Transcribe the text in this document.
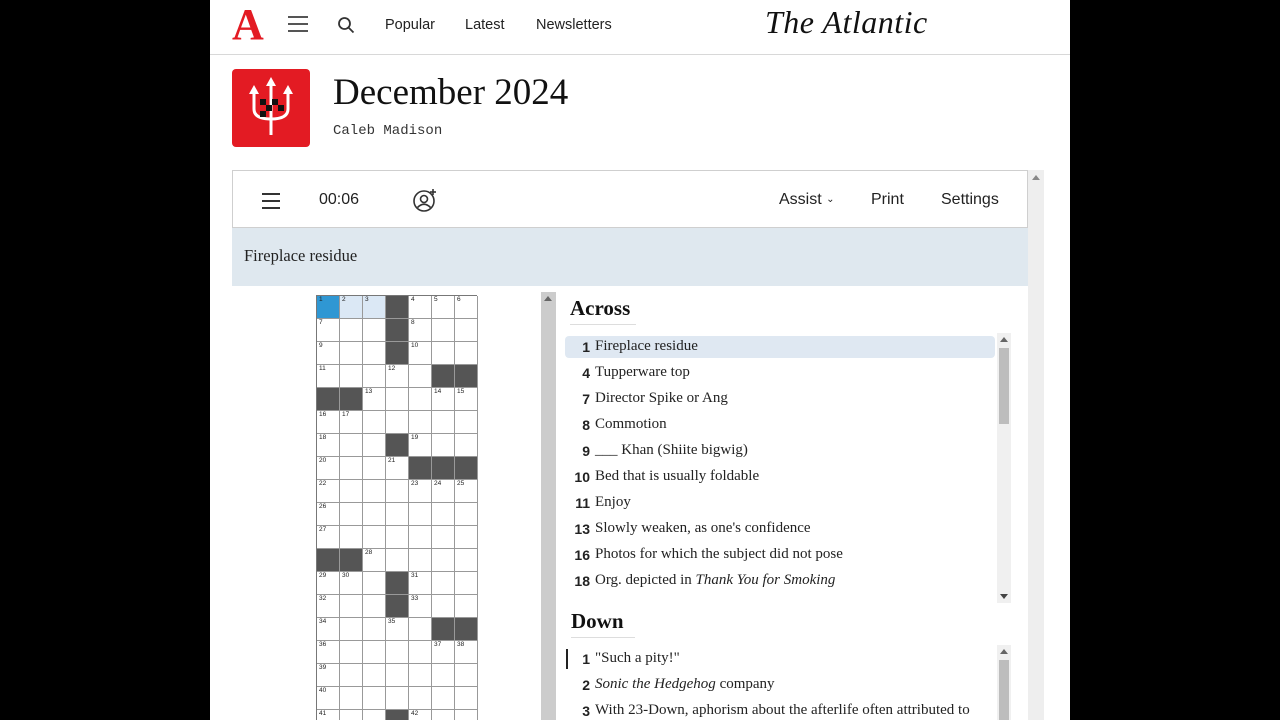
A	Popular Latest Newsletters	The Atlantic
December 2024
Caleb Madison
00:06	Assist ⌄ Print Settings
Fireplace residue
1	2	3	4	5	6
7	8
9	10
11	12
13	14 15
16 17
18	19
20	21
22	23 24 25
26
27
28
29 30	31
32	33
34	35
36	37 38
39
40
41	42
Across
1 Fireplace residue
4 Tupperware top
7 Director Spike or Ang
8 Commotion
9 ___ Khan (Shiite bigwig)
10 Bed that is usually foldable
11 Enjoy
13 Slowly weaken, as one's confidence
16 Photos for which the subject did not pose
18 Org. depicted in Thank You for Smoking
Down
1 "Such a pity!"
2 Sonic the Hedgehog company
3 With 23-Down, aphorism about the afterlife often attributed to
